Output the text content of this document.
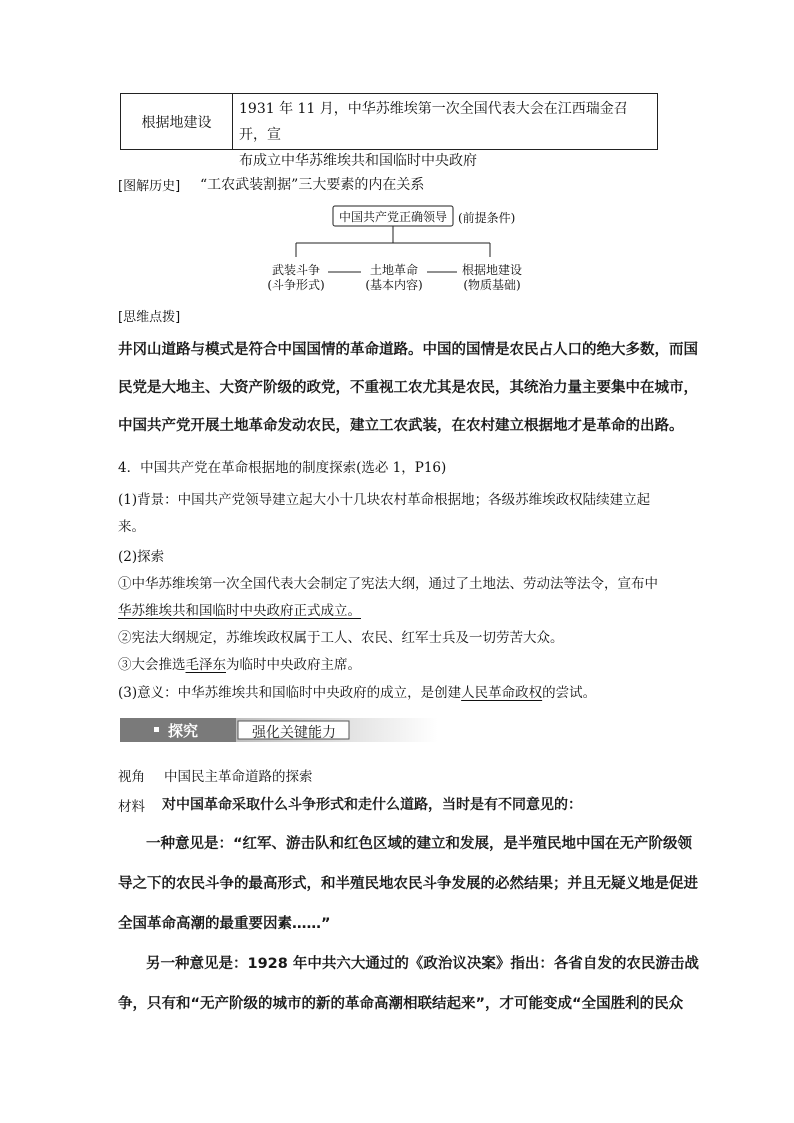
根据地建设
1931 年 11 月，中华苏维埃第一次全国代表大会在江西瑞金召开，宣
布成立中华苏维埃共和国临时中央政府
[图解历史] “工农武装割据”三大要素的内在关系
中国共产党正确领导 (前提条件)
武装斗争
(斗争形式)
土地革命
(基本内容)
根据地建设
(物质基础)
[思维点拨]
井冈山道路与模式是符合中国国情的革命道路。中国的国情是农民占人口的绝大多数，而国
民党是大地主、大资产阶级的政党，不重视工农尤其是农民，其统治力量主要集中在城市，
中国共产党开展土地革命发动农民，建立工农武装，在农村建立根据地才是革命的出路。
4．中国共产党在革命根据地的制度探索(选必 1，P16)
(1)背景：中国共产党领导建立起大小十几块农村革命根据地；各级苏维埃政权陆续建立起
来。
(2)探索
①中华苏维埃第一次全国代表大会制定了宪法大纲，通过了土地法、劳动法等法令，宣布中
华苏维埃共和国临时中央政府正式成立。
②宪法大纲规定，苏维埃政权属于工人、农民、红军士兵及一切劳苦大众。
③大会推选毛泽东为临时中央政府主席。
(3)意义：中华苏维埃共和国临时中央政府的成立，是创建人民革命政权的尝试。
探究	强化关键能力
视角 中国民主革命道路的探索
材料 对中国革命采取什么斗争形式和走什么道路，当时是有不同意见的：
一种意见是：“红军、游击队和红色区域的建立和发展，是半殖民地中国在无产阶级领
导之下的农民斗争的最高形式，和半殖民地农民斗争发展的必然结果；并且无疑义地是促进
全国革命高潮的最重要因素……”
另一种意见是：1928 年中共六大通过的《政治议决案》指出：各省自发的农民游击战
争，只有和“无产阶级的城市的新的革命高潮相联结起来”，才可能变成“全国胜利的民众
